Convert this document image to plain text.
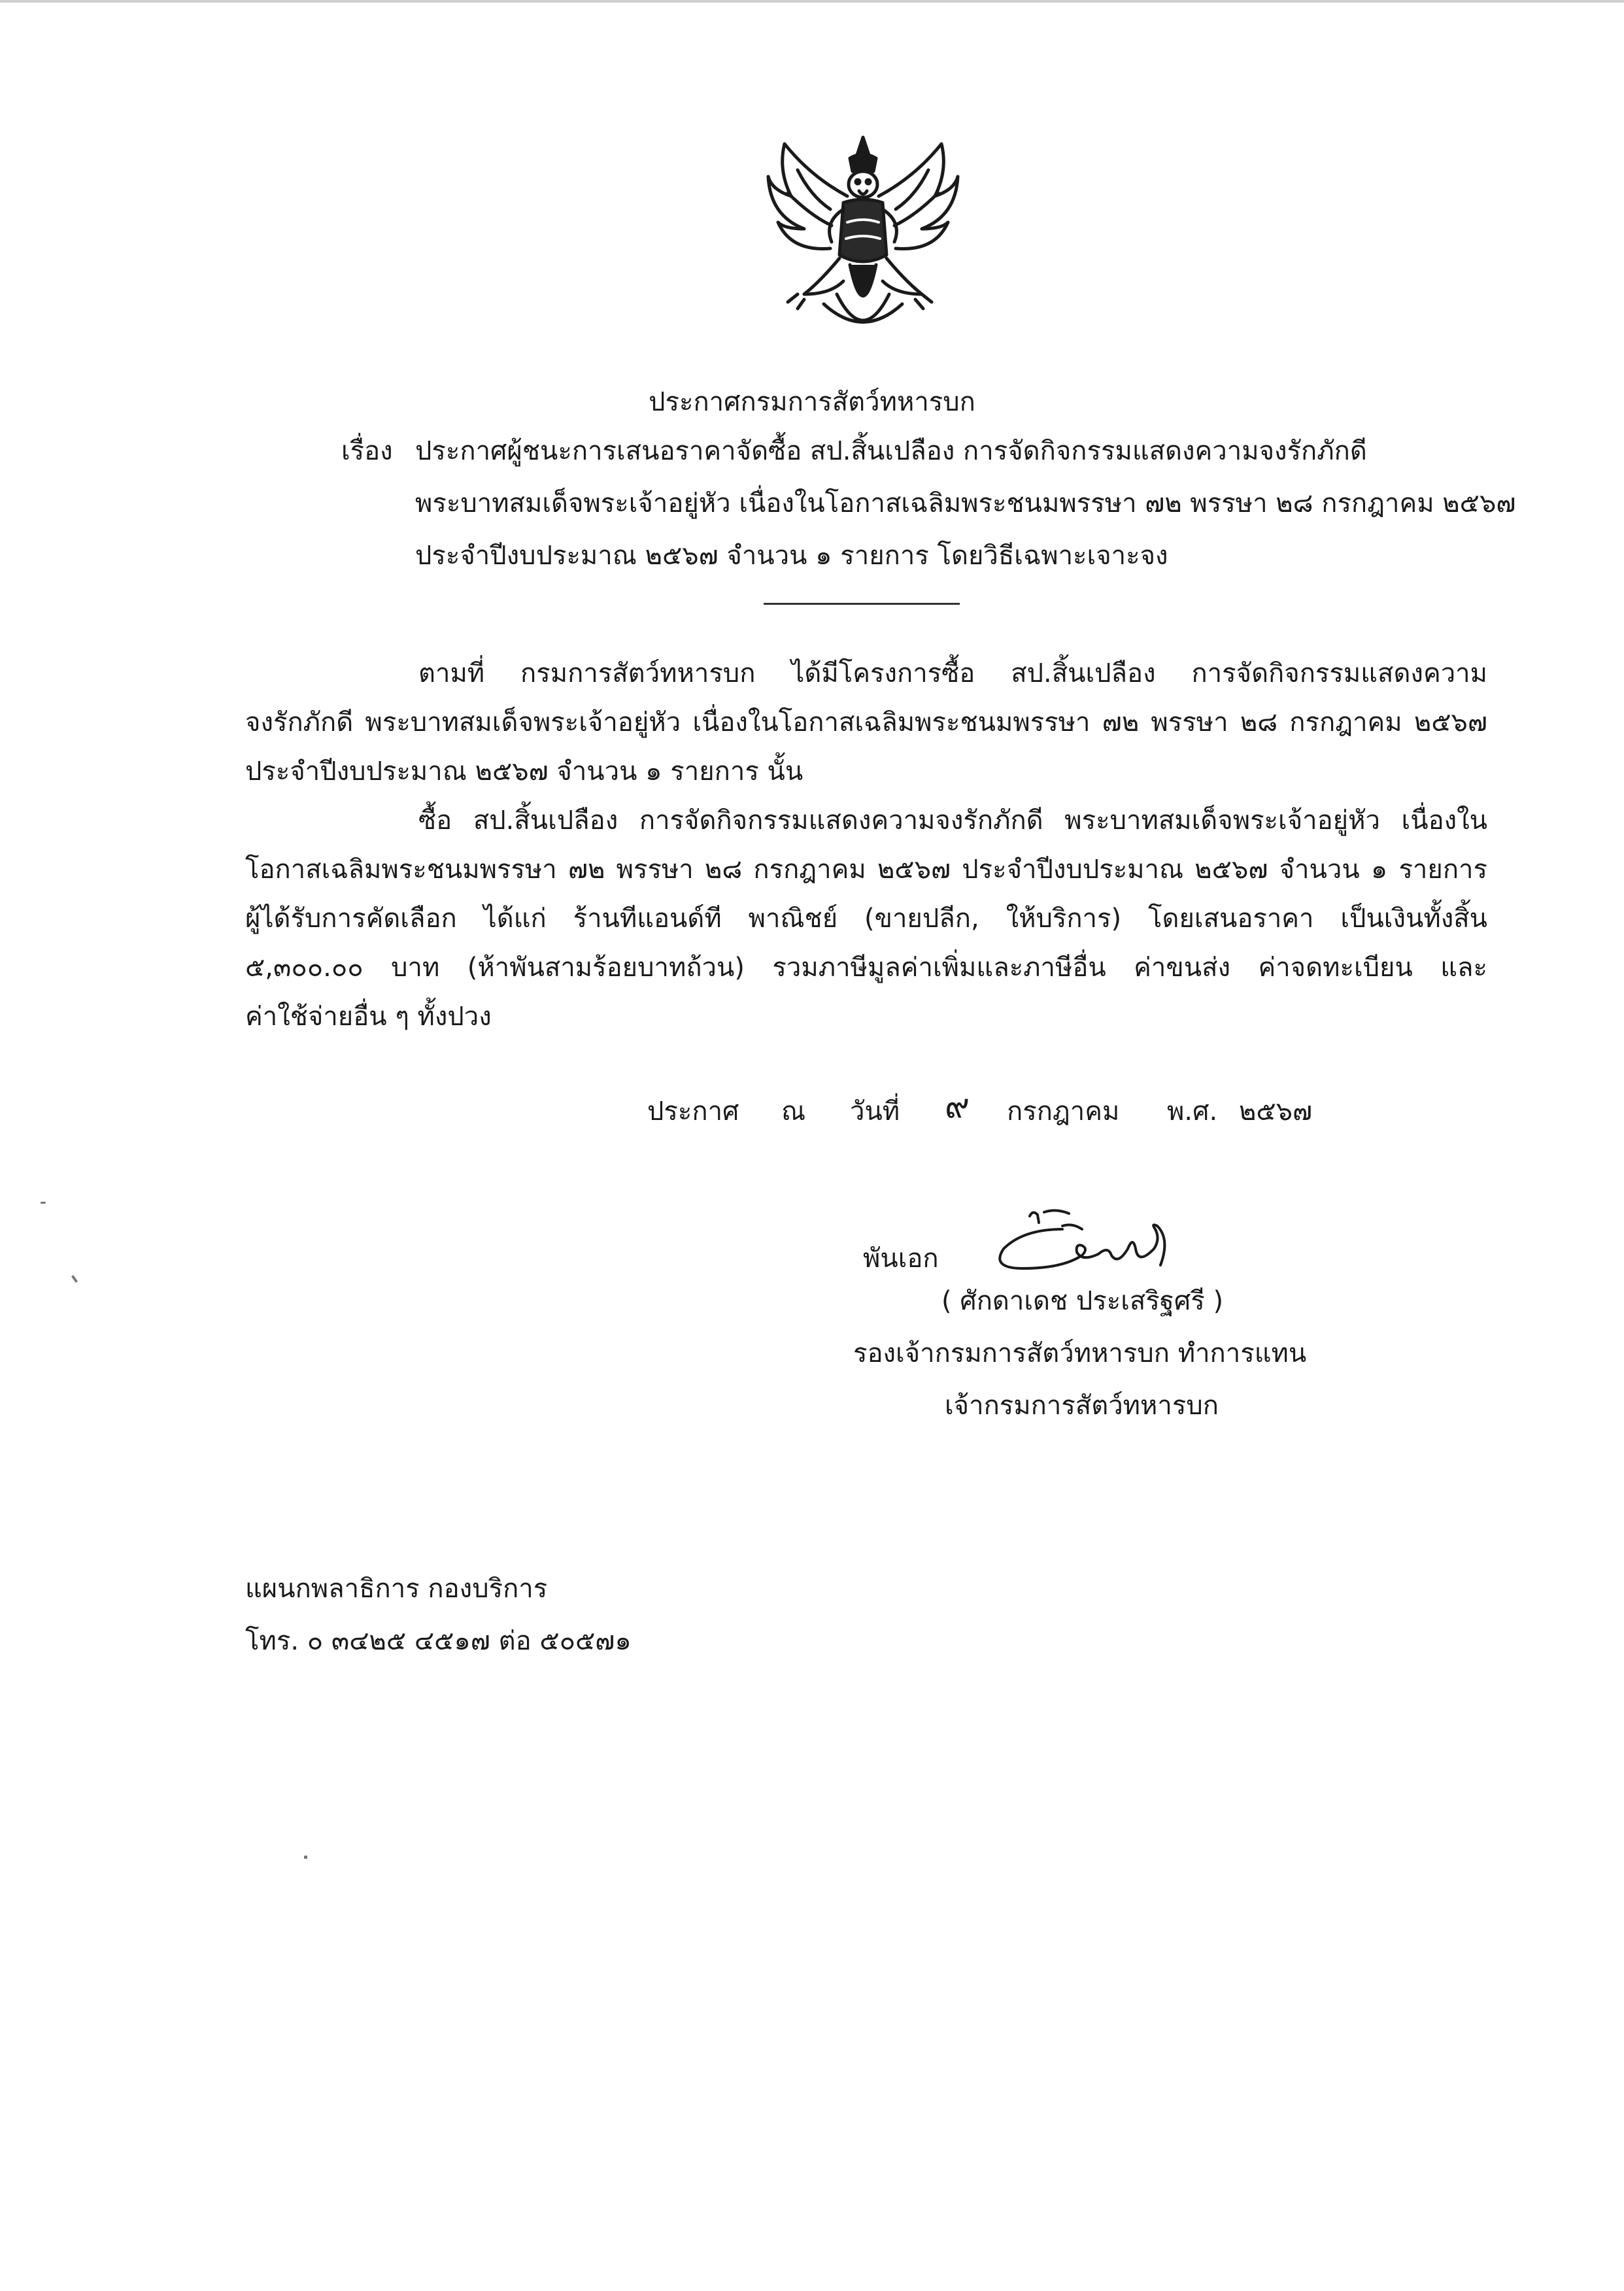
ประกาศกรมการสัตว์ทหารบก
เรื่อง ประกาศผู้ชนะการเสนอราคาจัดซื้อ สป.สิ้นเปลือง การจัดกิจกรรมแสดงความจงรักภักดี
พระบาทสมเด็จพระเจ้าอยู่หัว เนื่องในโอกาสเฉลิมพระชนมพรรษา ๗๒ พรรษา ๒๘ กรกฎาคม ๒๕๖๗
ประจำปีงบประมาณ ๒๕๖๗ จำนวน ๑ รายการ โดยวิธีเฉพาะเจาะจง
ตามที่ กรมการสัตว์ทหารบก ได้มีโครงการซื้อ สป.สิ้นเปลือง การจัดกิจกรรมแสดงความ
จงรักภักดี พระบาทสมเด็จพระเจ้าอยู่หัว เนื่องในโอกาสเฉลิมพระชนมพรรษา ๗๒ พรรษา ๒๘ กรกฎาคม ๒๕๖๗
ประจำปีงบประมาณ ๒๕๖๗ จำนวน ๑ รายการ นั้น
ซื้อ สป.สิ้นเปลือง การจัดกิจกรรมแสดงความจงรักภักดี พระบาทสมเด็จพระเจ้าอยู่หัว เนื่องใน
โอกาสเฉลิมพระชนมพรรษา ๗๒ พรรษา ๒๘ กรกฎาคม ๒๕๖๗ ประจำปีงบประมาณ ๒๕๖๗ จำนวน ๑ รายการ
ผู้ได้รับการคัดเลือก ได้แก่ ร้านทีแอนด์ที พาณิชย์ (ขายปลีก, ให้บริการ) โดยเสนอราคา เป็นเงินทั้งสิ้น
๕,๓๐๐.๐๐ บาท (ห้าพันสามร้อยบาทถ้วน) รวมภาษีมูลค่าเพิ่มและภาษีอื่น ค่าขนส่ง ค่าจดทะเบียน และ
ค่าใช้จ่ายอื่น ๆ ทั้งปวง
ประกาศ ณ วันที่ ๙ กรกฎาคม พ.ศ. ๒๕๖๗
พันเอก
( ศักดาเดช ประเสริฐศรี )
รองเจ้ากรมการสัตว์ทหารบก ทำการแทน
เจ้ากรมการสัตว์ทหารบก
แผนกพลาธิการ กองบริการ
โทร. ๐ ๓๔๒๕ ๔๕๑๗ ต่อ ๕๐๕๗๑
